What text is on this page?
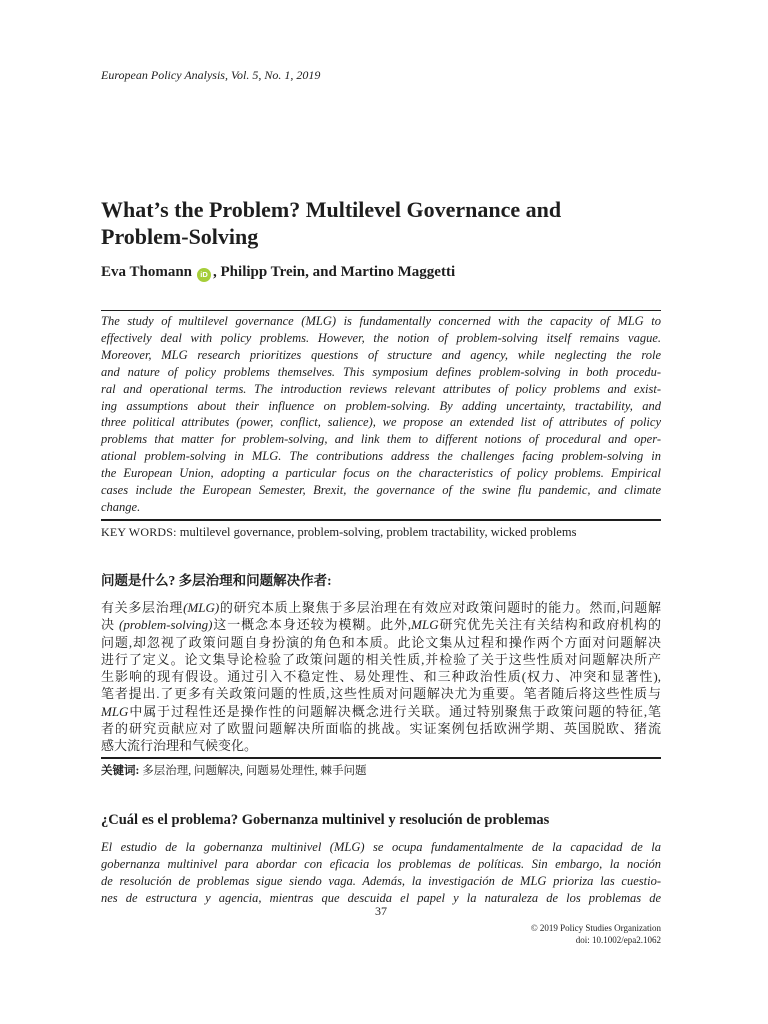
European Policy Analysis, Vol. 5, No. 1, 2019
What’s the Problem? Multilevel Governance and
Problem-Solving
Eva Thomann iD , Philipp Trein, and Martino Maggetti
The study of multilevel governance (MLG) is fundamentally concerned with the capacity of MLG to
effectively deal with policy problems. However, the notion of problem-solving itself remains vague.
Moreover, MLG research prioritizes questions of structure and agency, while neglecting the role
and nature of policy problems themselves. This symposium defines problem-solving in both procedu-
ral and operational terms. The introduction reviews relevant attributes of policy problems and exist-
ing assumptions about their influence on problem-solving. By adding uncertainty, tractability, and
three political attributes (power, conflict, salience), we propose an extended list of attributes of policy
problems that matter for problem-solving, and link them to different notions of procedural and oper-
ational problem-solving in MLG. The contributions address the challenges facing problem-solving in
the European Union, adopting a particular focus on the characteristics of policy problems. Empirical
cases include the European Semester, Brexit, the governance of the swine flu pandemic, and climate
change.
KEY WORDS: multilevel governance, problem-solving, problem tractability, wicked problems
问题是什么? 多层治理和问题解决作者:
有关多层治理(MLG)的研究本质上聚焦于多层治理在有效应对政策问题时的能力。然而,问题解
决 (problem-solving)这一概念本身还较为模糊。此外,MLG研究优先关注有关结构和政府机构的
问题,却忽视了政策问题自身扮演的角色和本质。此论文集从过程和操作两个方面对问题解决
进行了定义。论文集导论检验了政策问题的相关性质,并检验了关于这些性质对问题解决所产
生影响的现有假设。通过引入不稳定性、易处理性、和三种政治性质(权力、冲突和显著性),
笔者提出.了更多有关政策问题的性质,这些性质对问题解决尤为重要。笔者随后将这些性质与
MLG中属于过程性还是操作性的问题解决概念进行关联。通过特别聚焦于政策问题的特征,笔
者的研究贡献应对了欧盟问题解决所面临的挑战。实证案例包括欧洲学期、英国脱欧、猪流
感大流行治理和气候变化。
关键词: 多层治理, 问题解决, 问题易处理性, 棘手问题
¿Cuál es el problema? Gobernanza multinivel y resolución de problemas
El estudio de la gobernanza multinivel (MLG) se ocupa fundamentalmente de la capacidad de la
gobernanza multinivel para abordar con eficacia los problemas de políticas. Sin embargo, la noción
de resolución de problemas sigue siendo vaga. Además, la investigación de MLG prioriza las cuestio-
nes de estructura y agencia, mientras que descuida el papel y la naturaleza de los problemas de
37
© 2019 Policy Studies Organization
doi: 10.1002/epa2.1062
